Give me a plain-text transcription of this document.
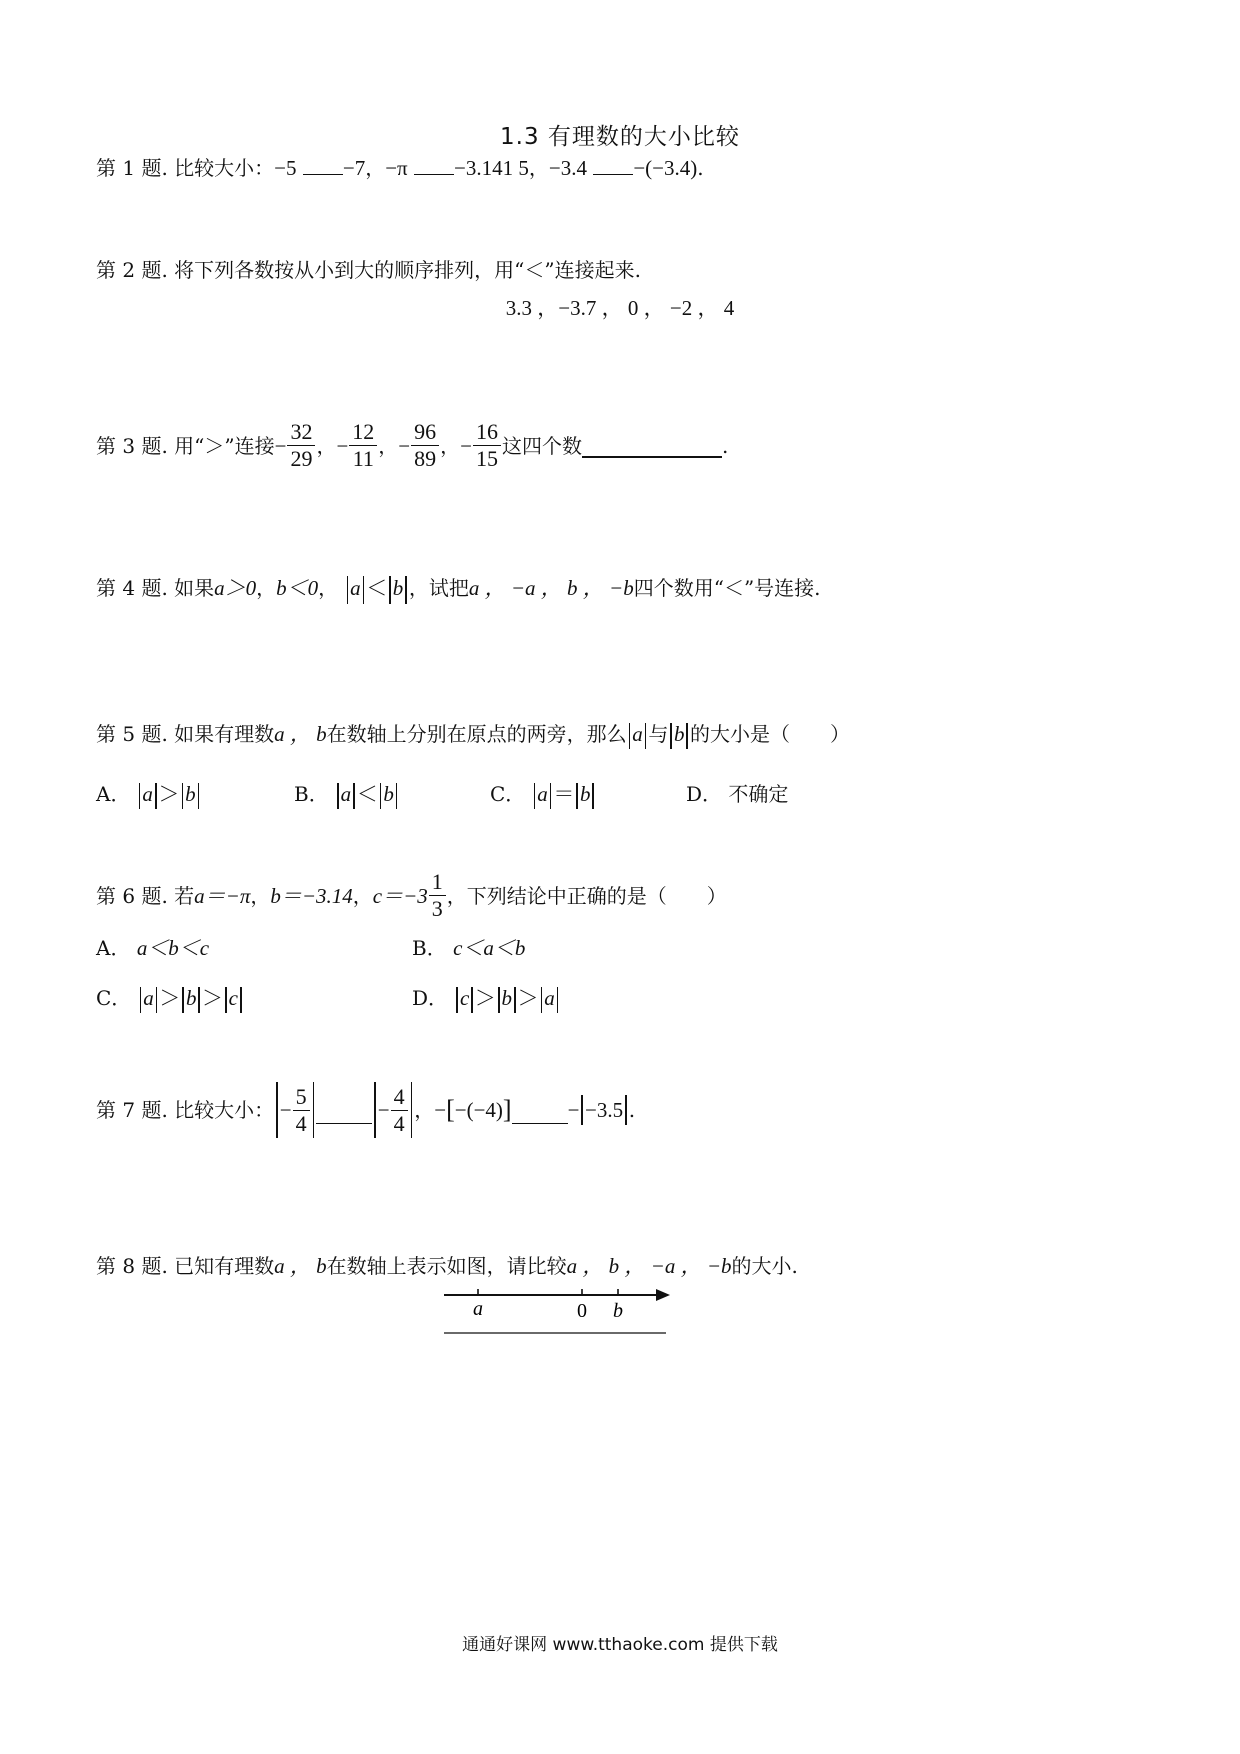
1.3 有理数的大小比较
第 1 题. 比较大小：−5 −7，−π −3.141 5，−3.4 −(−3.4).
第 2 题. 将下列各数按从小到大的顺序排列，用“＜”连接起来.
3.3 ，−3.7 ， 0 ， −2 ， 4
第 3 题.
用“＞”连接 − $\frac{32}{29}$ ， − $\frac{12}{11}$ ， − $\frac{96}{89}$ ， − $\frac{16}{15}$ 这四个数	.
第 4 题. 如果a＞0，b＜0， a ＜ b ，试把a ， −a ， b ， −b四个数用“＜”号连接.
第 5 题. 如果有理数a ， b在数轴上分别在原点的两旁，那么 a 与 b 的大小是（　　）
A． a ＞ b	B． a ＜ b	C． a ＝ b	D． 不确定
第 6 题.
若 a＝−π ， b＝−3.14 ， $c=-3 \frac{1}{3}$ ，下列结论中正确的是（　　）
A． a＜b＜c	B． c＜a＜b
C． a ＞ b ＞ c	D． c ＞ b ＞ a
第 7 题.
比较大小： − $\frac{5}{4}$	− $\frac{4}{4}$ ， − [ −(−4) ]	− −3.5 .
第 8 题. 已知有理数a ， b在数轴上表示如图，请比较a ， b ， −a ， −b的大小.
a	0 b
通通好课网 www.tthaoke.com 提供下载
